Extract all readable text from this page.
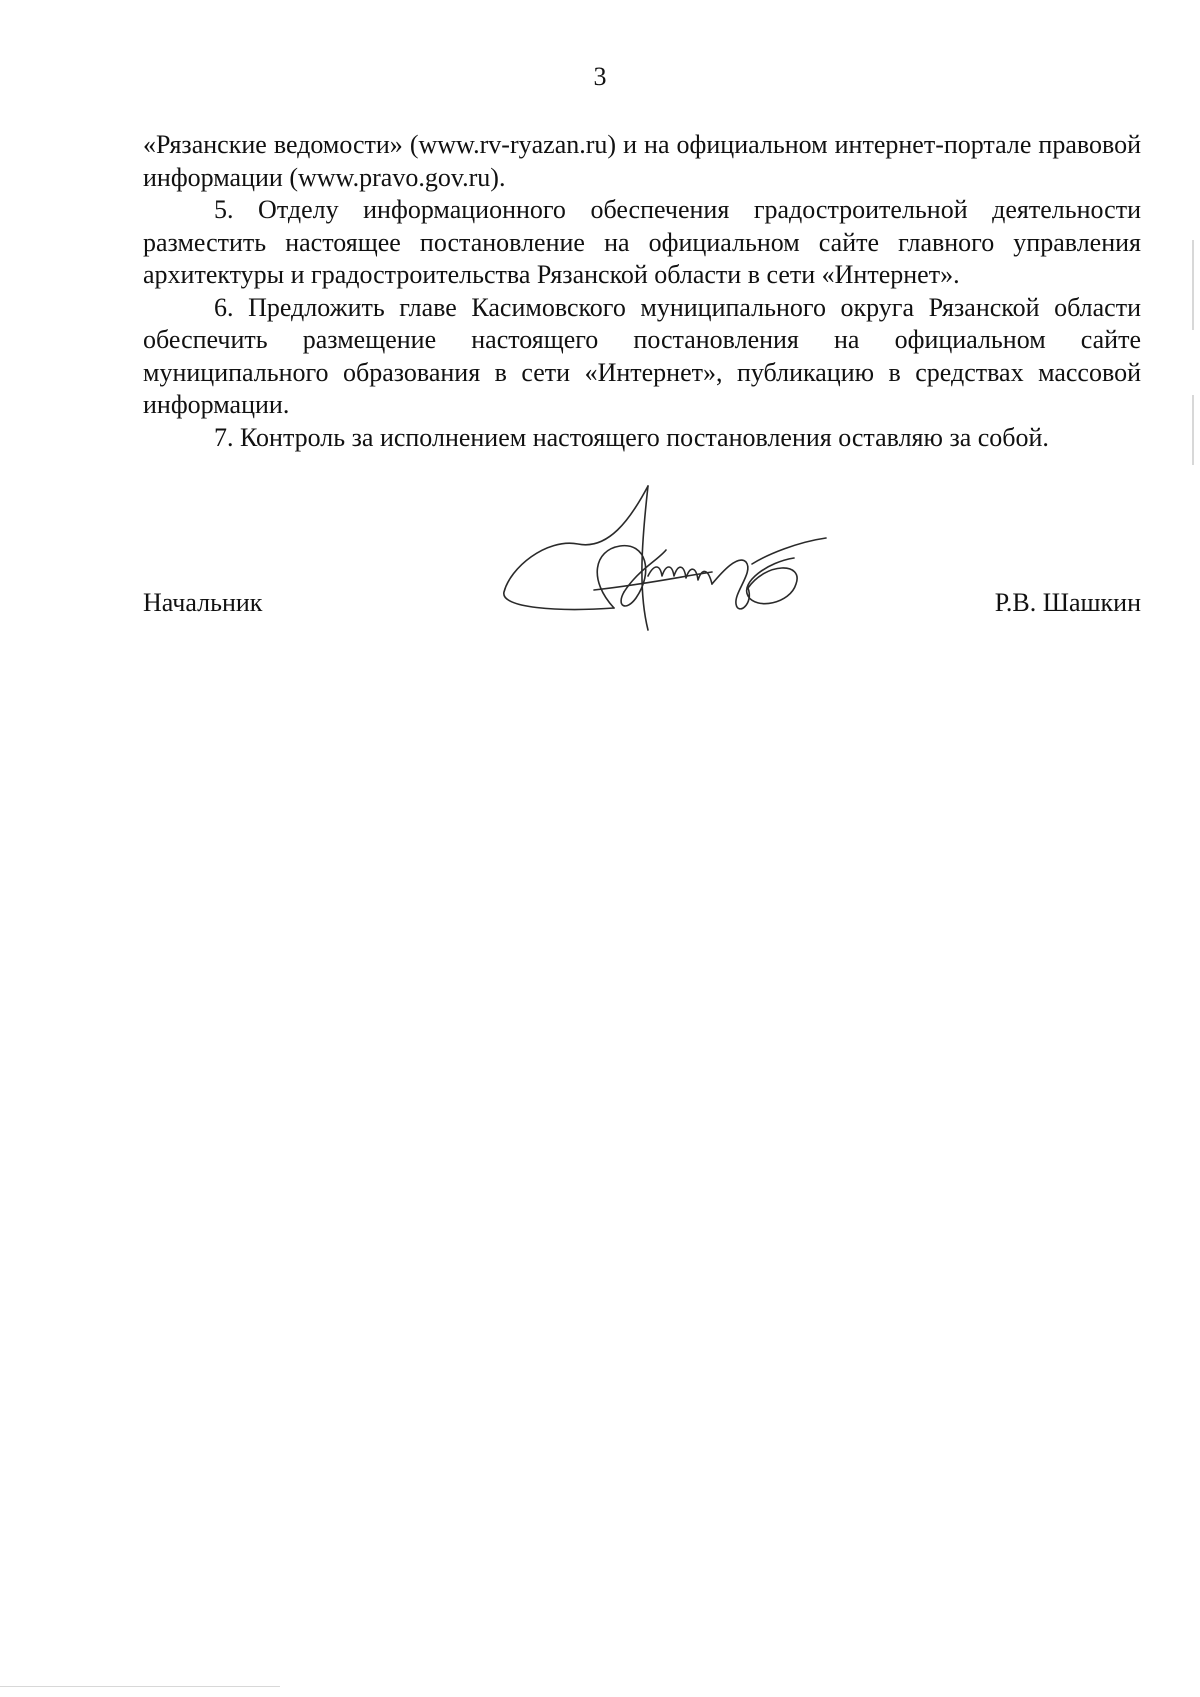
3

«Рязанские ведомости» (www.rv-ryazan.ru) и на официальном интернет-портале правовой информации (www.pravo.gov.ru).

5. Отделу информационного обеспечения градостроительной деятельности разместить настоящее постановление на официальном сайте главного управления архитектуры и градостроительства Рязанской области в сети «Интернет».

6. Предложить главе Касимовского муниципального округа Рязанской области обеспечить размещение настоящего постановления на официальном сайте муниципального образования в сети «Интернет», публикацию в средствах массовой информации.

7. Контроль за исполнением настоящего постановления оставляю за собой.

Начальник	Р.В. Шашкин
